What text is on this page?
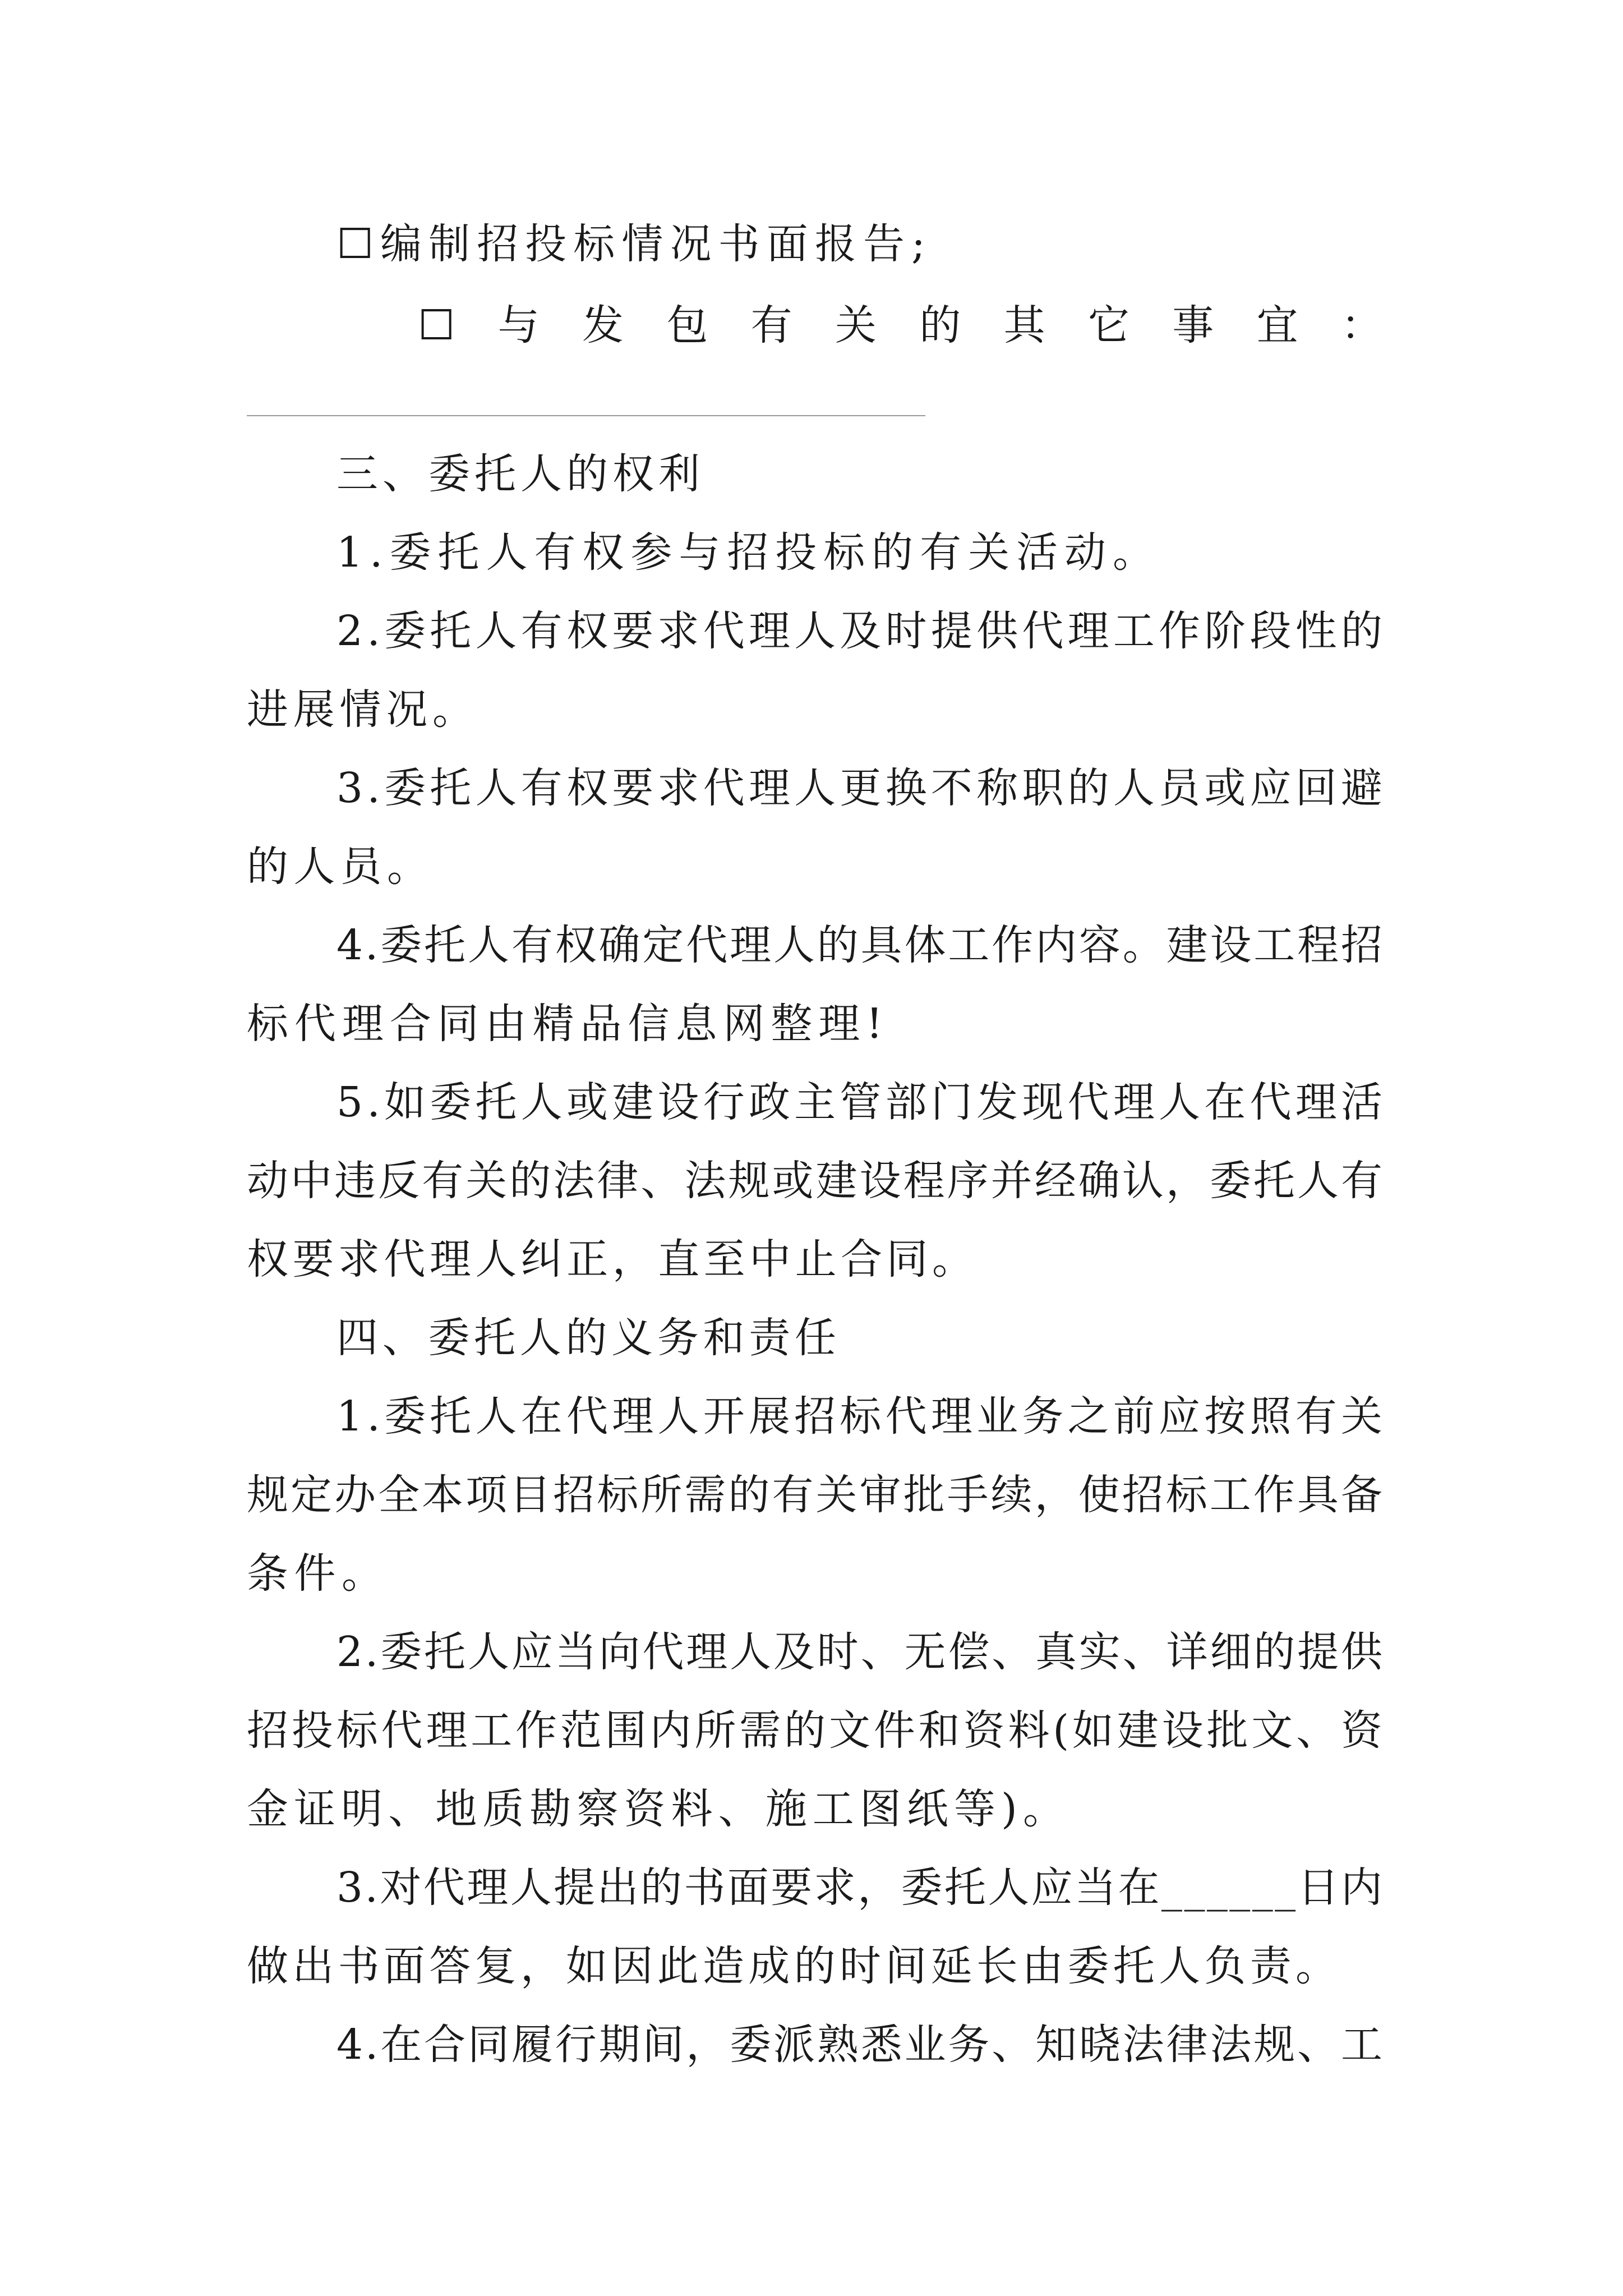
☐ 编制招投标情况书面报告;
☐ 与 发 包 有 关 的 其 它 事 宜 ：
三、委托人的权利
1.委托人有权参与招投标的有关活动。
2.委托人有权要求代理人及时提供代理工作阶段性的
进展情况。
3.委托人有权要求代理人更换不称职的人员或应回避
的人员。
4.委托人有权确定代理人的具体工作内容。建设工程招
标代理合同由精品信息网整理!
5.如委托人或建设行政主管部门发现代理人在代理活
动中违反有关的法律、法规或建设程序并经确认，委托人有
权要求代理人纠正，直至中止合同。
四、委托人的义务和责任
1.委托人在代理人开展招标代理业务之前应按照有关
规定办全本项目招标所需的有关审批手续，使招标工作具备
条件。
2.委托人应当向代理人及时、无偿、真实、详细的提供
招投标代理工作范围内所需的文件和资料(如建设批文、资
金证明、地质勘察资料、施工图纸等)。
3.对代理人提出的书面要求，委托人应当在______日内
做出书面答复，如因此造成的时间延长由委托人负责。
4.在合同履行期间，委派熟悉业务、知晓法律法规、工
